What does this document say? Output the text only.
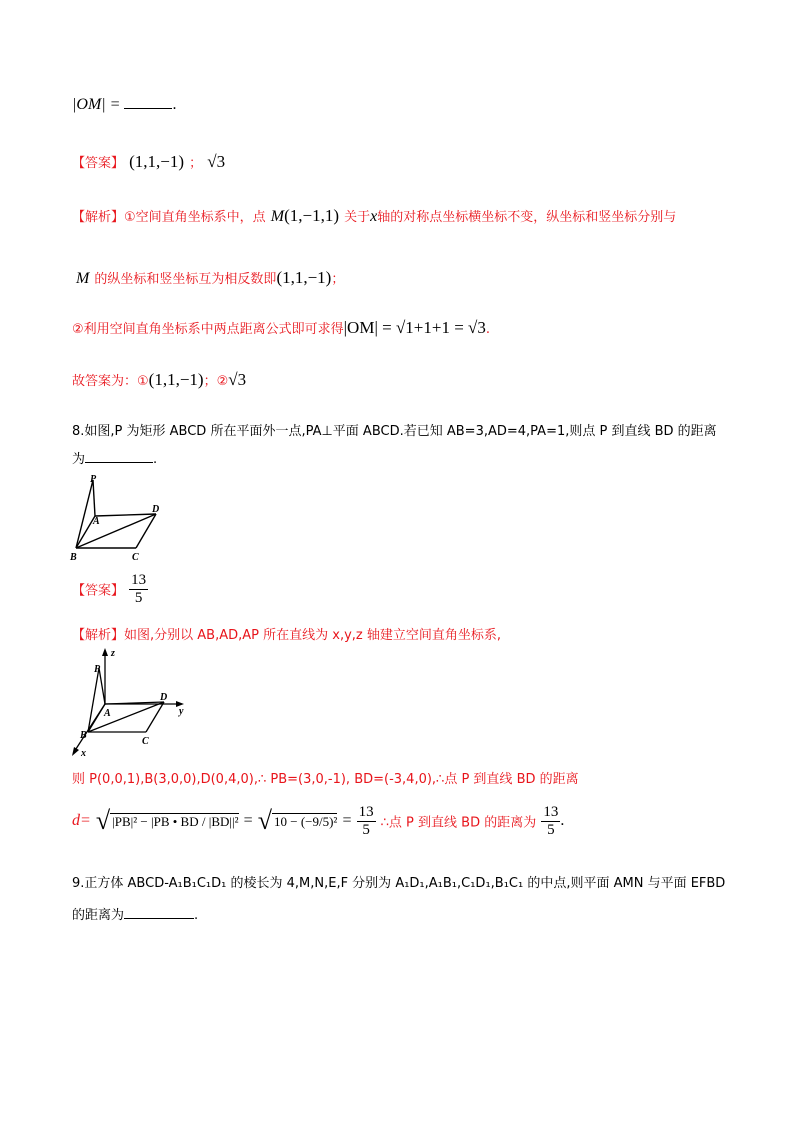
|OM| =	.
【答案】 (1,1,−1) ； √3
【解析】①空间直角坐标系中，点 M(1,−1,1) 关于x轴的对称点坐标横坐标不变，纵坐标和竖坐标分别与
M 的纵坐标和竖坐标互为相反数即(1,1,−1)；
②利用空间直角坐标系中两点距离公式即可求得|OM| = √1+1+1 = √3.
故答案为：①(1,1,−1)；②√3
8.如图,P 为矩形 ABCD 所在平面外一点,PA⊥平面 ABCD.若已知 AB=3,AD=4,PA=1,则点 P 到直线 BD 的距离
为	.
P
A
B	C
D
【答案】 $\frac{13}{5}$
【解析】如图,分别以 AB,AD,AP 所在直线为 x,y,z 轴建立空间直角坐标系,
z
P
A
D
y
B
C
x
则 P(0,0,1),B(3,0,0),D(0,4,0),∴ PB=(3,0,-1), BD=(-3,4,0),∴点 P 到直线 BD 的距离
d= √ |PB|² − |PB • BD / |BD||² = √ $10 - (-9/5)^2 = \frac{13}{5}$ ∴点 P 到直线 BD 的距离为 $\frac{13}{5}$ .
9.正方体 ABCD-A₁B₁C₁D₁ 的棱长为 4,M,N,E,F 分别为 A₁D₁,A₁B₁,C₁D₁,B₁C₁ 的中点,则平面 AMN 与平面 EFBD
的距离为	.
